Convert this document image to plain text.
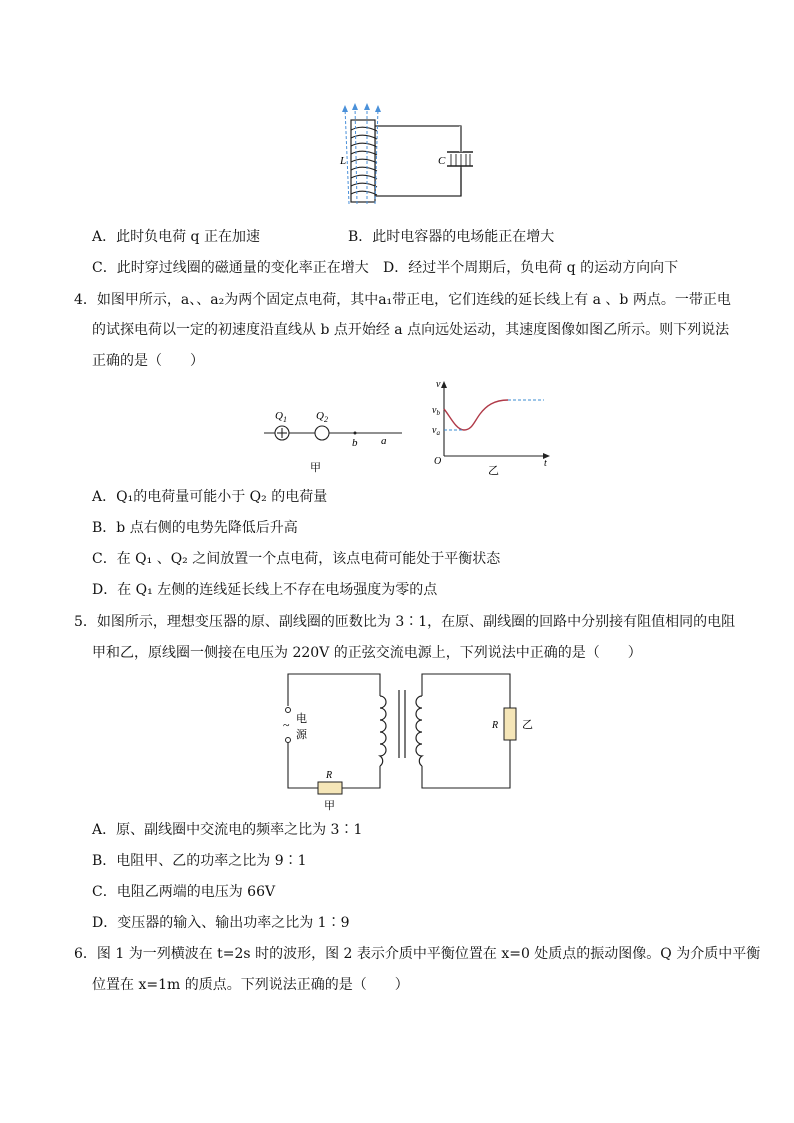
L	C
A．此时负电荷 q 正在加速	B．此时电容器的电场能正在增大
C．此时穿过线圈的磁通量的变化率正在增大 D．经过半个周期后，负电荷 q 的运动方向向下
4．如图甲所示，a、、a₂为两个固定点电荷，其中a₁带正电，它们连线的延长线上有 a 、b 两点。一带正电
的试探电荷以一定的初速度沿直线从 b 点开始经 a 点向远处运动，其速度图像如图乙所示。则下列说法
正确的是（　　）
$Q_1$	$Q_2$
b a
甲
v
$v_b$
$v_a$
O	t
乙
A．Q₁的电荷量可能小于 Q₂ 的电荷量
B．b 点右侧的电势先降低后升高
C．在 Q₁ 、Q₂ 之间放置一个点电荷，该点电荷可能处于平衡状态
D．在 Q₁ 左侧的连线延长线上不存在电场强度为零的点
5．如图所示，理想变压器的原、副线圈的匝数比为 3∶1，在原、副线圈的回路中分别接有阻值相同的电阻
甲和乙，原线圈一侧接在电压为 220V 的正弦交流电源上，下列说法中正确的是（　　）
~ 电
源
R
甲
R 乙
A．原、副线圈中交流电的频率之比为 3∶1
B．电阻甲、乙的功率之比为 9∶1
C．电阻乙两端的电压为 66V
D．变压器的输入、输出功率之比为 1∶9
6．图 1 为一列横波在 t=2s 时的波形，图 2 表示介质中平衡位置在 x=0 处质点的振动图像。Q 为介质中平衡
位置在 x=1m 的质点。下列说法正确的是（　　）
